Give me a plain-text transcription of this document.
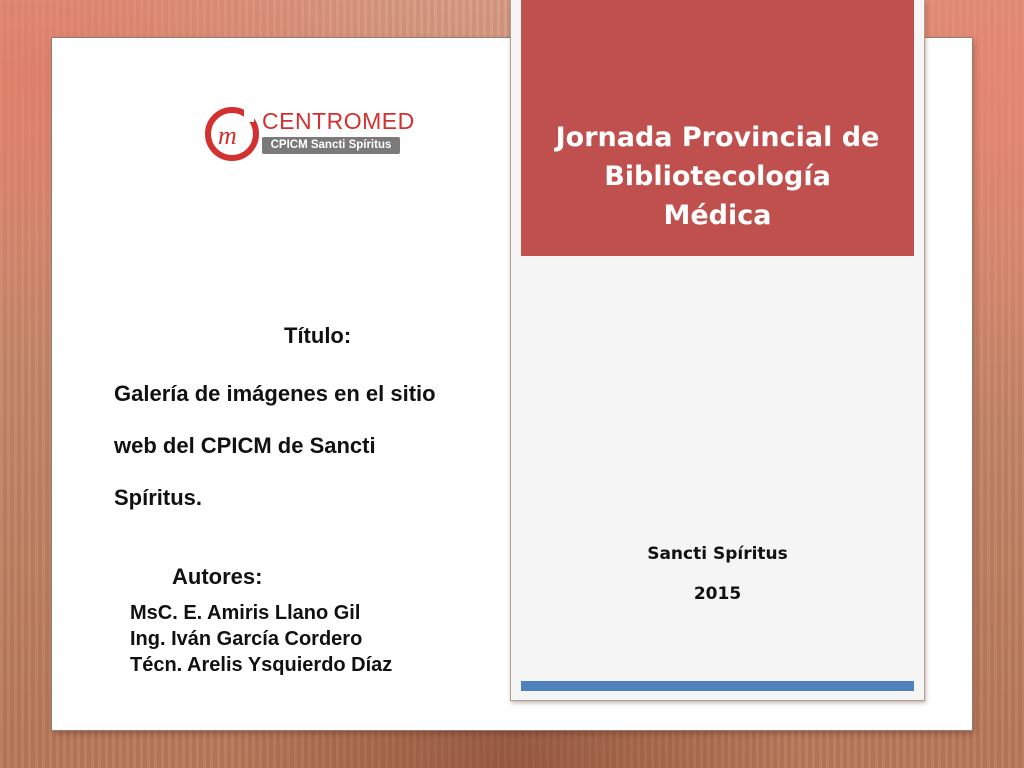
m CENTROMED
CPICM Sancti Spíritus
Título:
Galería de imágenes en el sitio
web del CPICM de Sancti
Spíritus.
Autores:
MsC. E. Amiris Llano Gil
Ing. Iván García Cordero
Técn. Arelis Ysquierdo Díaz
Jornada Provincial de
Bibliotecología
Médica
Sancti Spíritus
2015
